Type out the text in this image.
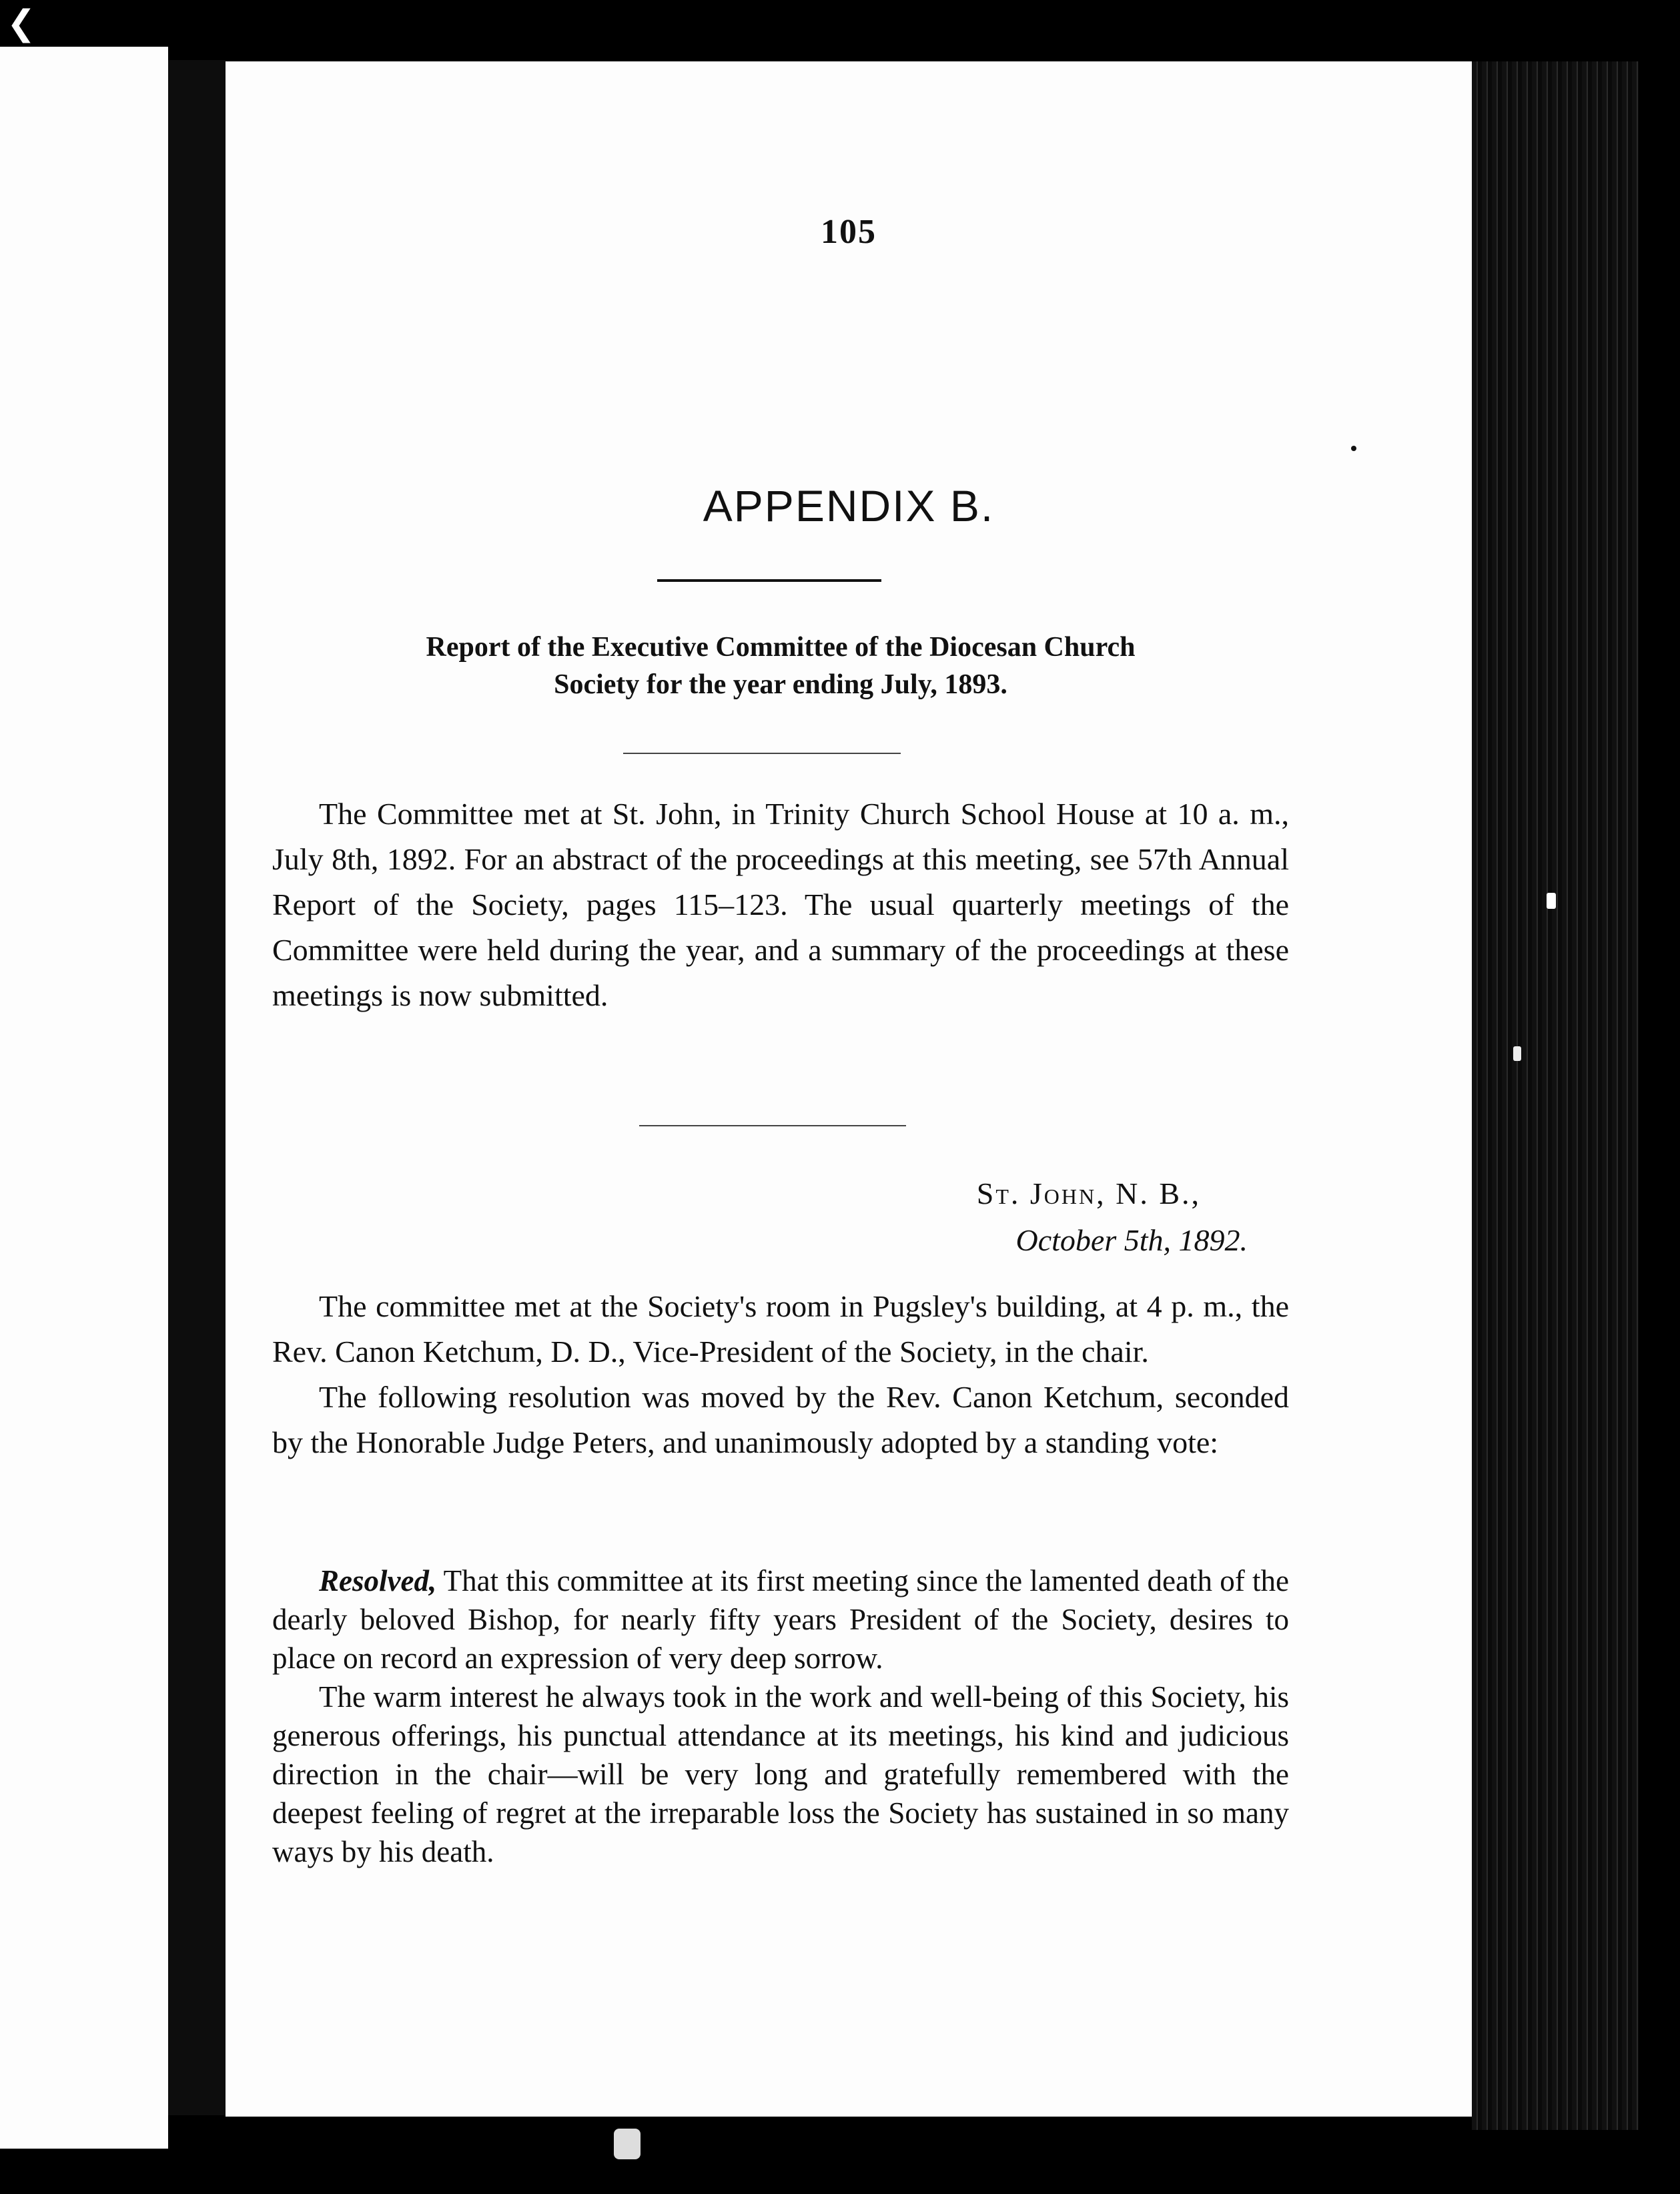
❮

105

APPENDIX B.
Report of the Executive Committee of the Diocesan Church
Society for the year ending July, 1893.

The Committee met at St. John, in Trinity Church School House at 10 a. m., July 8th, 1892. For an abstract of the proceedings at this meeting, see 57th Annual Report of the Society, pages 115–123. The usual quarterly meetings of the Committee were held during the year, and a summary of the proceedings at these meetings is now submitted.

St. John, N. B.,

October 5th, 1892.

The committee met at the Society's room in Pugsley's building, at 4 p. m., the Rev. Canon Ketchum, D. D., Vice-President of the Society, in the chair.
The following resolution was moved by the Rev. Canon Ketchum, seconded by the Honorable Judge Peters, and unanimously adopted by a standing vote:

Resolved, That this committee at its first meeting since the lamented death of the dearly beloved Bishop, for nearly fifty years President of the Society, desires to place on record an expression of very deep sorrow.
The warm interest he always took in the work and well-being of this Society, his generous offerings, his punctual attendance at its meetings, his kind and judicious direction in the chair—will be very long and gratefully remembered with the deepest feeling of regret at the irreparable loss the Society has sustained in so many ways by his death.
